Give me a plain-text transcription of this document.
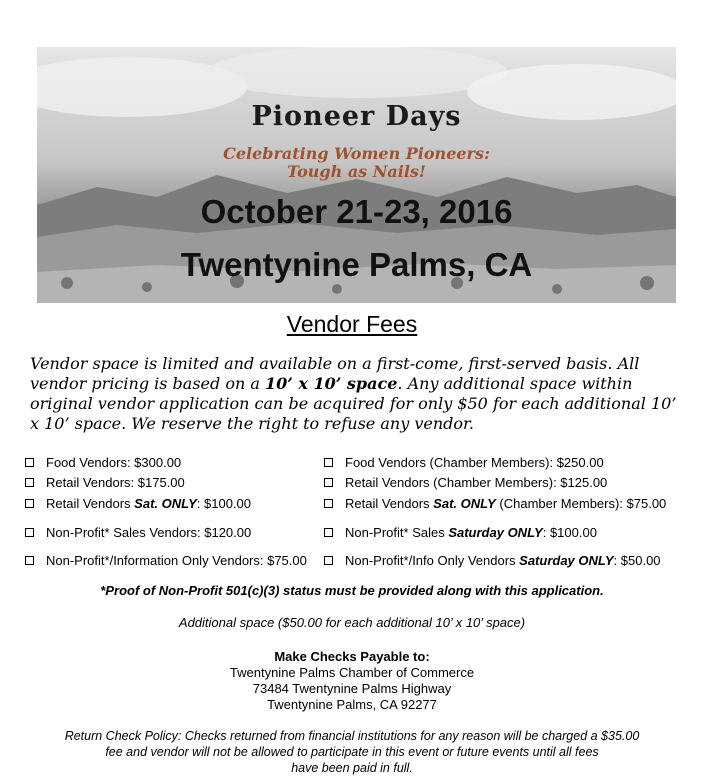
Pioneer Days
Celebrating Women Pioneers:
Tough as Nails!
October 21-23, 2016
Twentynine Palms, CA
Vendor Fees
Vendor space is limited and available on a first-come, first-served basis. All vendor pricing is based on a 10’ x 10’ space. Any additional space within original vendor application can be acquired for only $50 for each additional 10’ x 10’ space. We reserve the right to refuse any vendor.
Food Vendors: $300.00
Retail Vendors: $175.00
Retail Vendors Sat. ONLY: $100.00
Non-Profit* Sales Vendors: $120.00
Non-Profit*/Information Only Vendors: $75.00
Food Vendors (Chamber Members): $250.00
Retail Vendors (Chamber Members): $125.00
Retail Vendors Sat. ONLY (Chamber Members): $75.00
Non-Profit* Sales Saturday ONLY: $100.00
Non-Profit*/Info Only Vendors Saturday ONLY: $50.00
*Proof of Non-Profit 501(c)(3) status must be provided along with this application.
Additional space ($50.00 for each additional 10’ x 10’ space)
Make Checks Payable to:
Twentynine Palms Chamber of Commerce
73484 Twentynine Palms Highway
Twentynine Palms, CA 92277
Return Check Policy: Checks returned from financial institutions for any reason will be charged a $35.00
fee and vendor will not be allowed to participate in this event or future events until all fees
have been paid in full.
